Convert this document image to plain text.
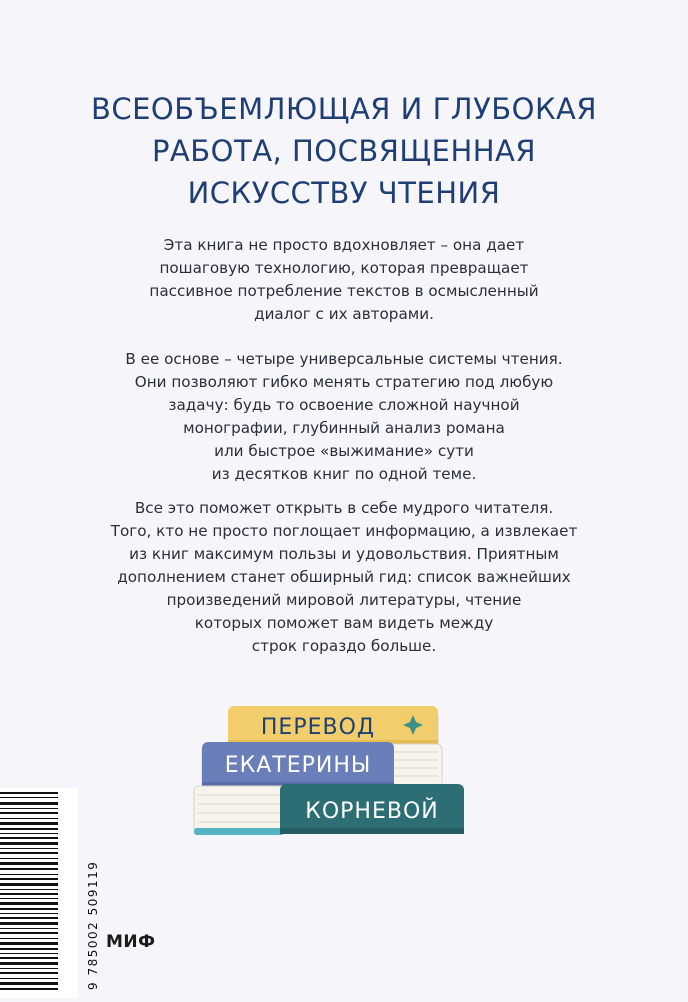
ВСЕОБЪЕМЛЮЩАЯ И ГЛУБОКАЯ
РАБОТА, ПОСВЯЩЕННАЯ
ИСКУССТВУ ЧТЕНИЯ
Эта книга не просто вдохновляет – она дает
пошаговую технологию, которая превращает
пассивное потребление текстов в осмысленный
диалог с их авторами.
В ее основе – четыре универсальные системы чтения.
Они позволяют гибко менять стратегию под любую
задачу: будь то освоение сложной научной
монографии, глубинный анализ романа
или быстрое «выжимание» сути
из десятков книг по одной теме.
Все это поможет открыть в себе мудрого читателя.
Того, кто не просто поглощает информацию, а извлекает
из книг максимум пользы и удовольствия. Приятным
дополнением станет обширный гид: список важнейших
произведений мировой литературы, чтение
которых поможет вам видеть между
строк гораздо больше.
ПЕРЕВОД
ЕКАТЕРИНЫ
КОРНЕВОЙ
9 785002 509119 МИФ
